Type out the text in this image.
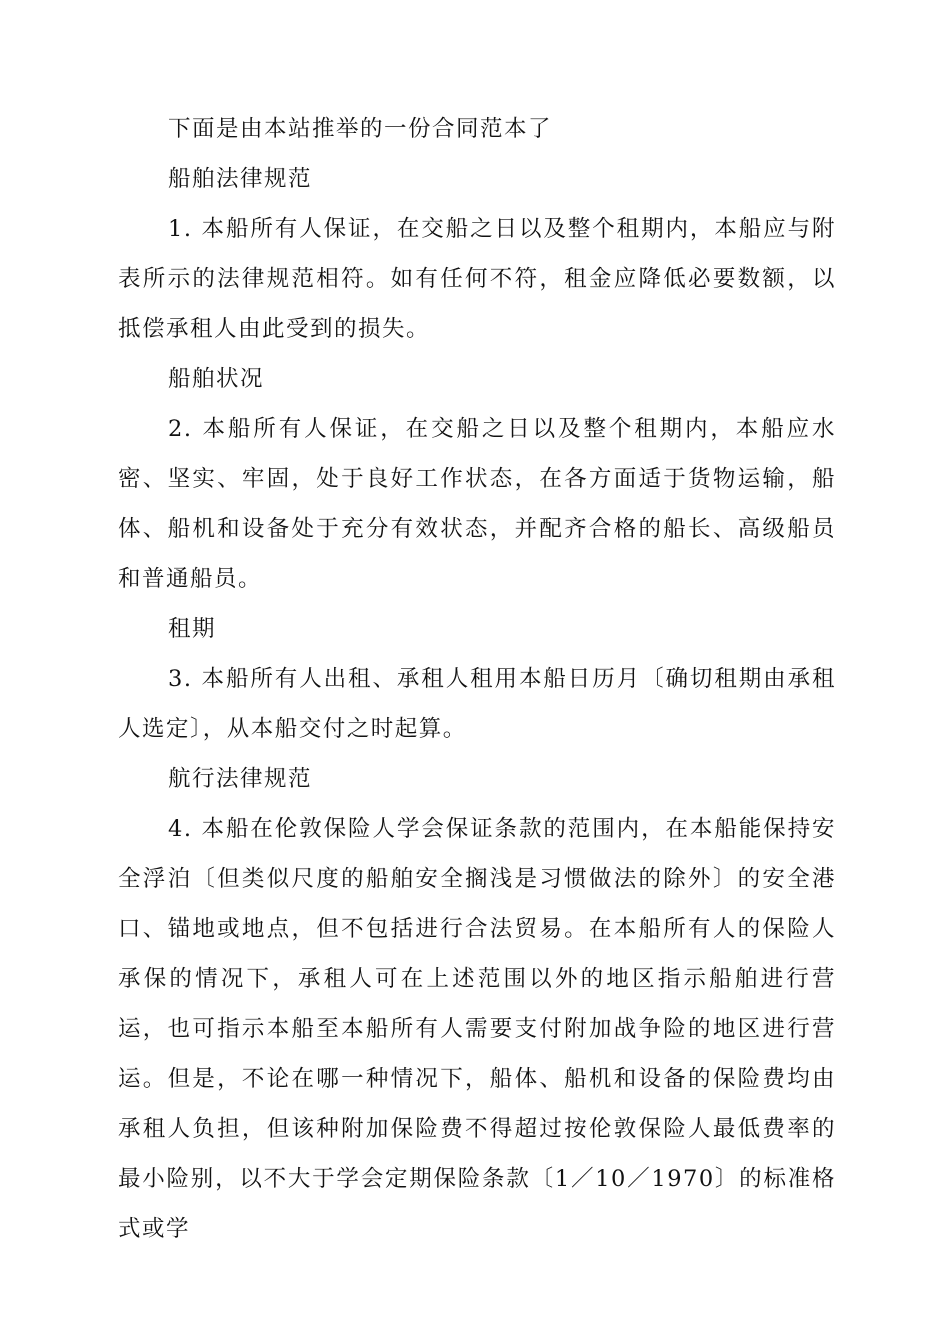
下面是由本站推举的一份合同范本了

船舶法律规范

1. 本船所有人保证，在交船之日以及整个租期内，本船应与附表所示的法律规范相符。如有任何不符，租金应降低必要数额，以抵偿承租人由此受到的损失。

船舶状况

2. 本船所有人保证，在交船之日以及整个租期内，本船应水密、坚实、牢固，处于良好工作状态，在各方面适于货物运输，船体、船机和设备处于充分有效状态，并配齐合格的船长、高级船员和普通船员。

租期

3. 本船所有人出租、承租人租用本船日历月〔确切租期由承租人选定〕，从本船交付之时起算。

航行法律规范

4. 本船在伦敦保险人学会保证条款的范围内，在本船能保持安全浮泊〔但类似尺度的船舶安全搁浅是习惯做法的除外〕的安全港口、锚地或地点，但不包括进行合法贸易。在本船所有人的保险人承保的情况下，承租人可在上述范围以外的地区指示船舶进行营运，也可指示本船至本船所有人需要支付附加战争险的地区进行营运。但是，不论在哪一种情况下，船体、船机和设备的保险费均由承租人负担，但该种附加保险费不得超过按伦敦保险人最低费率的最小险别，以不大于学会定期保险条款〔1／10／1970〕的标准格式或学
